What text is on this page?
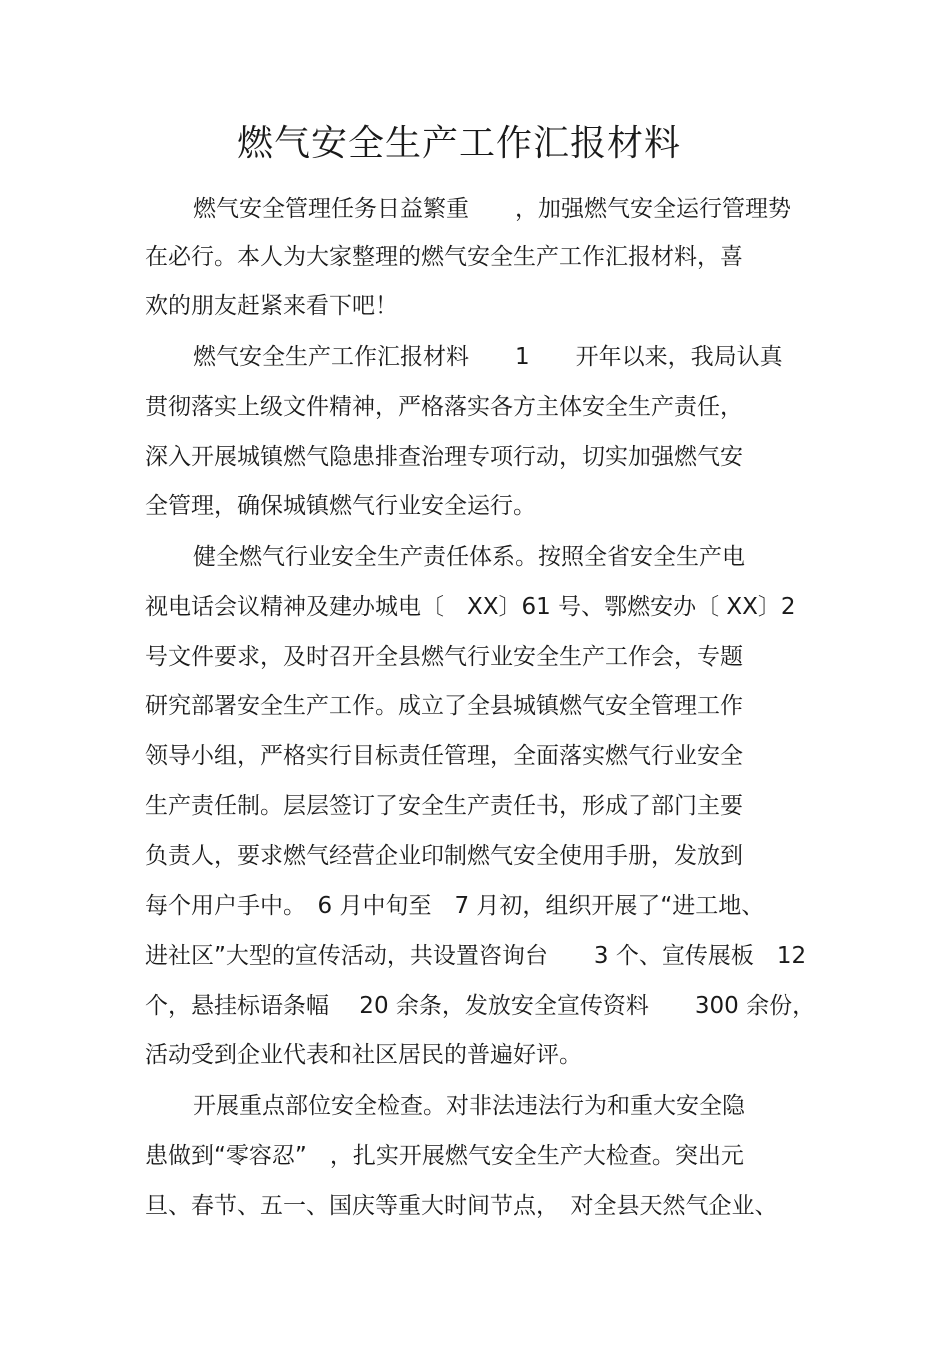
燃气安全生产工作汇报材料
燃气安全管理任务日益繁重　　，加强燃气安全运行管理势
在必行。本人为大家整理的燃气安全生产工作汇报材料，喜
欢的朋友赶紧来看下吧！
燃气安全生产工作汇报材料　　1　　开年以来，我局认真
贯彻落实上级文件精神，严格落实各方主体安全生产责任，
深入开展城镇燃气隐患排查治理专项行动，切实加强燃气安
全管理，确保城镇燃气行业安全运行。
健全燃气行业安全生产责任体系。按照全省安全生产电
视电话会议精神及建办城电〔　XX〕61 号、鄂燃安办〔 XX〕2
号文件要求，及时召开全县燃气行业安全生产工作会，专题
研究部署安全生产工作。成立了全县城镇燃气安全管理工作
领导小组，严格实行目标责任管理，全面落实燃气行业安全
生产责任制。层层签订了安全生产责任书，形成了部门主要
负责人，要求燃气经营企业印制燃气安全使用手册，发放到
每个用户手中。　6 月中旬至　7 月初，组织开展了“进工地、
进社区”大型的宣传活动，共设置咨询台　　3 个、宣传展板　12
个，悬挂标语条幅　 20 余条，发放安全宣传资料　　300 余份，
活动受到企业代表和社区居民的普遍好评。
开展重点部位安全检查。对非法违法行为和重大安全隐
患做到“零容忍”　，扎实开展燃气安全生产大检查。突出元
旦、春节、五一、国庆等重大时间节点，　对全县天然气企业、
